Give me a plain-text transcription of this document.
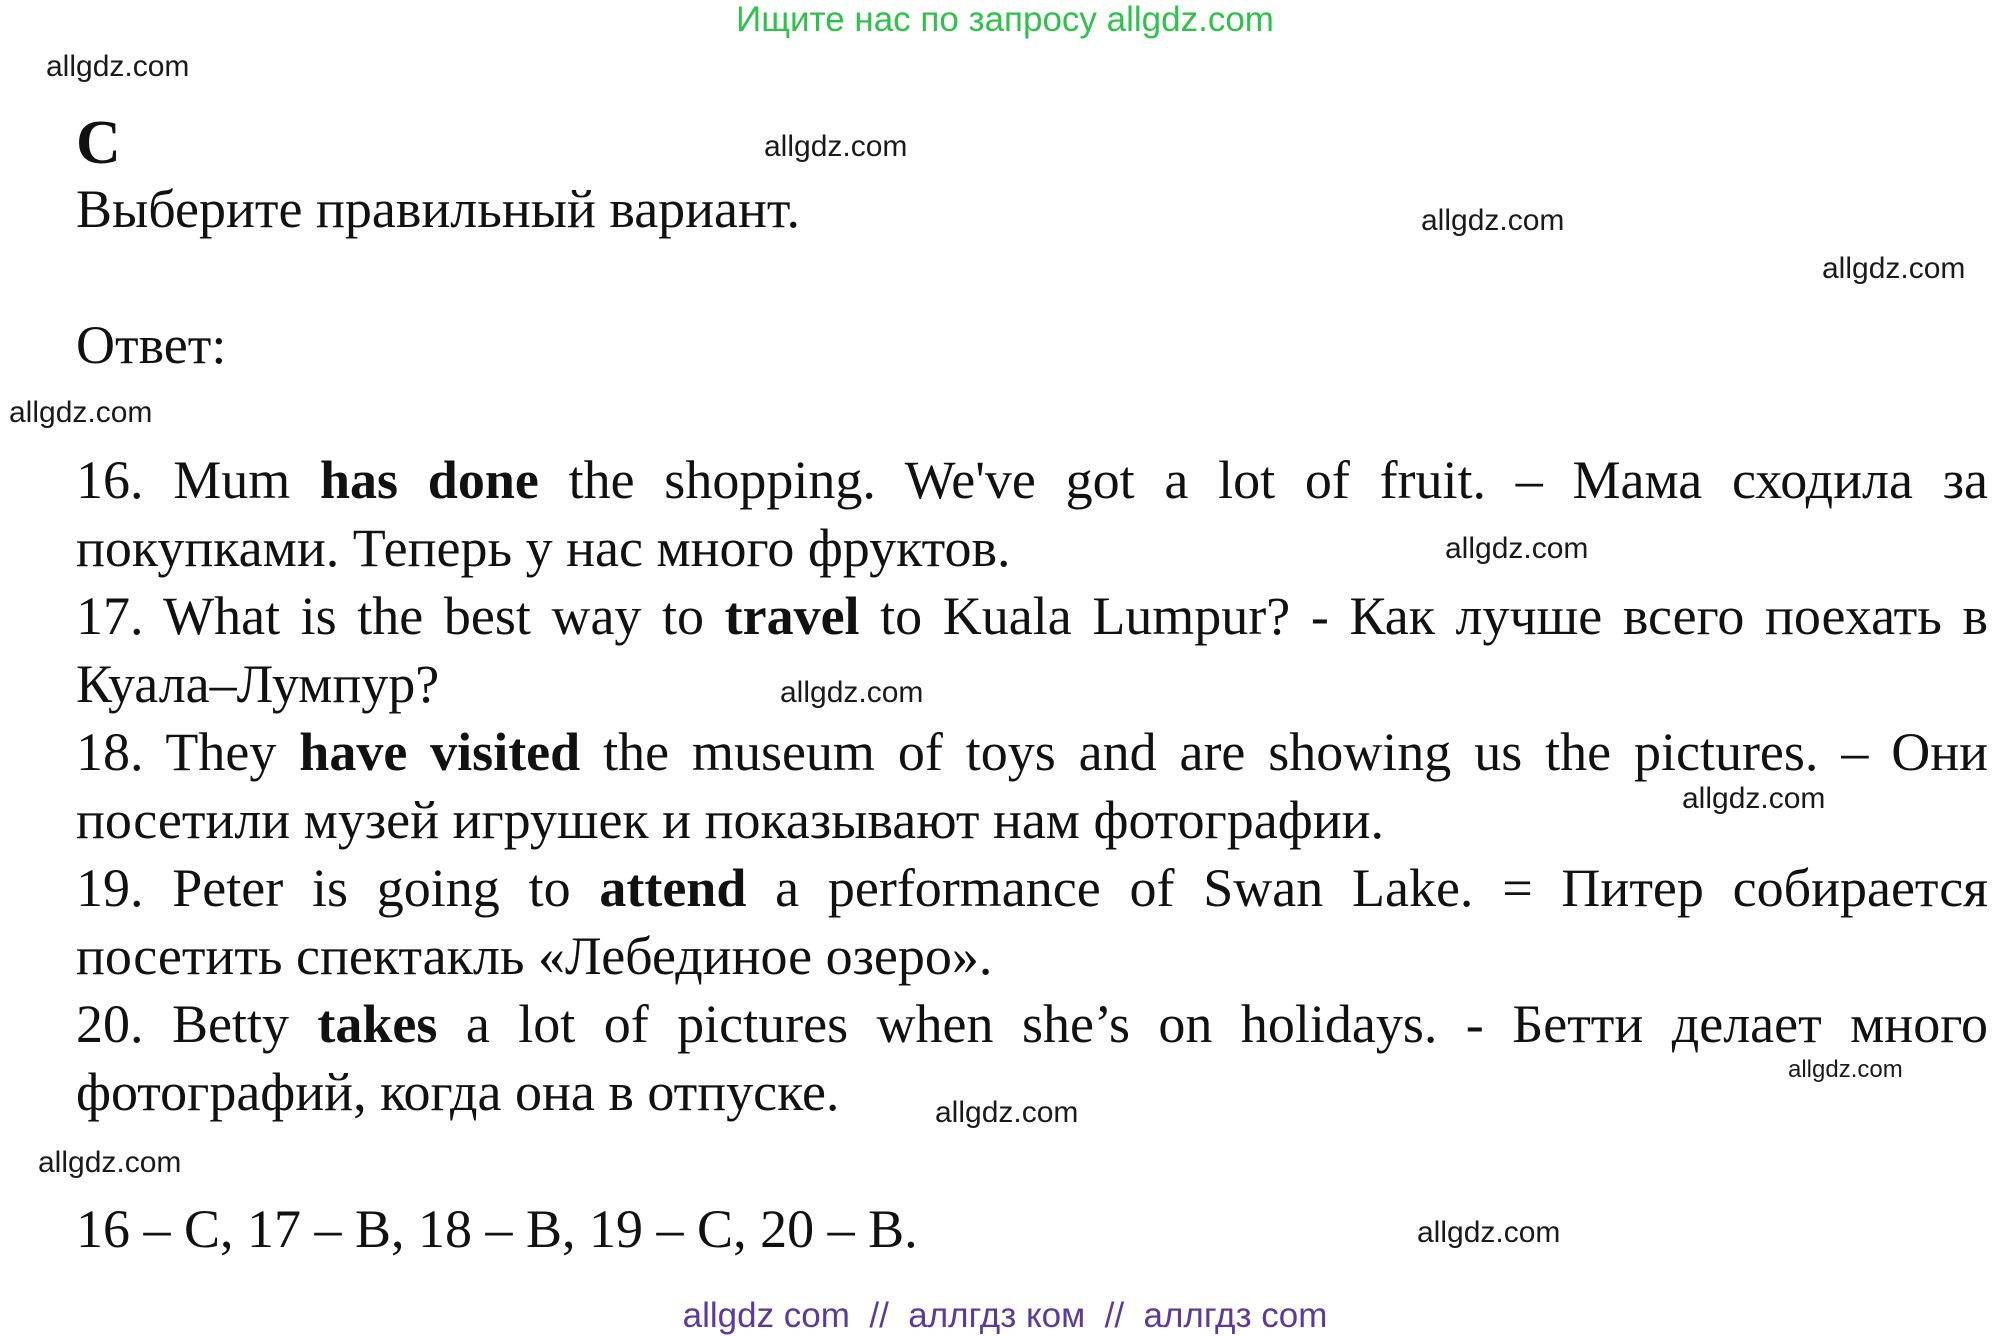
Ищите нас по запросу allgdz.com
allgdz.com
allgdz.com
allgdz.com
allgdz.com
allgdz.com
allgdz.com
allgdz.com
allgdz.com
allgdz.com
allgdz.com
allgdz.com
allgdz.com
C
Выберите правильный вариант.
Ответ:
16. Mum has done the shopping. We've got a lot of fruit. – Мама сходила за покупками. Теперь у нас много фруктов.
17. What is the best way to travel to Kuala Lumpur? - Как лучше всего поехать в Куала–Лумпур?
18. They have visited the museum of toys and are showing us the pictures. – Они посетили музей игрушек и показывают нам фотографии.
19. Peter is going to attend a performance of Swan Lake. = Питер собирается посетить спектакль «Лебединое озеро».
20. Betty takes a lot of pictures when she’s on holidays. - Бетти делает много фотографий, когда она в отпуске.
16 – C, 17 – B, 18 – B, 19 – C, 20 – B.
allgdz com  //  аллгдз ком  //  аллгдз com
